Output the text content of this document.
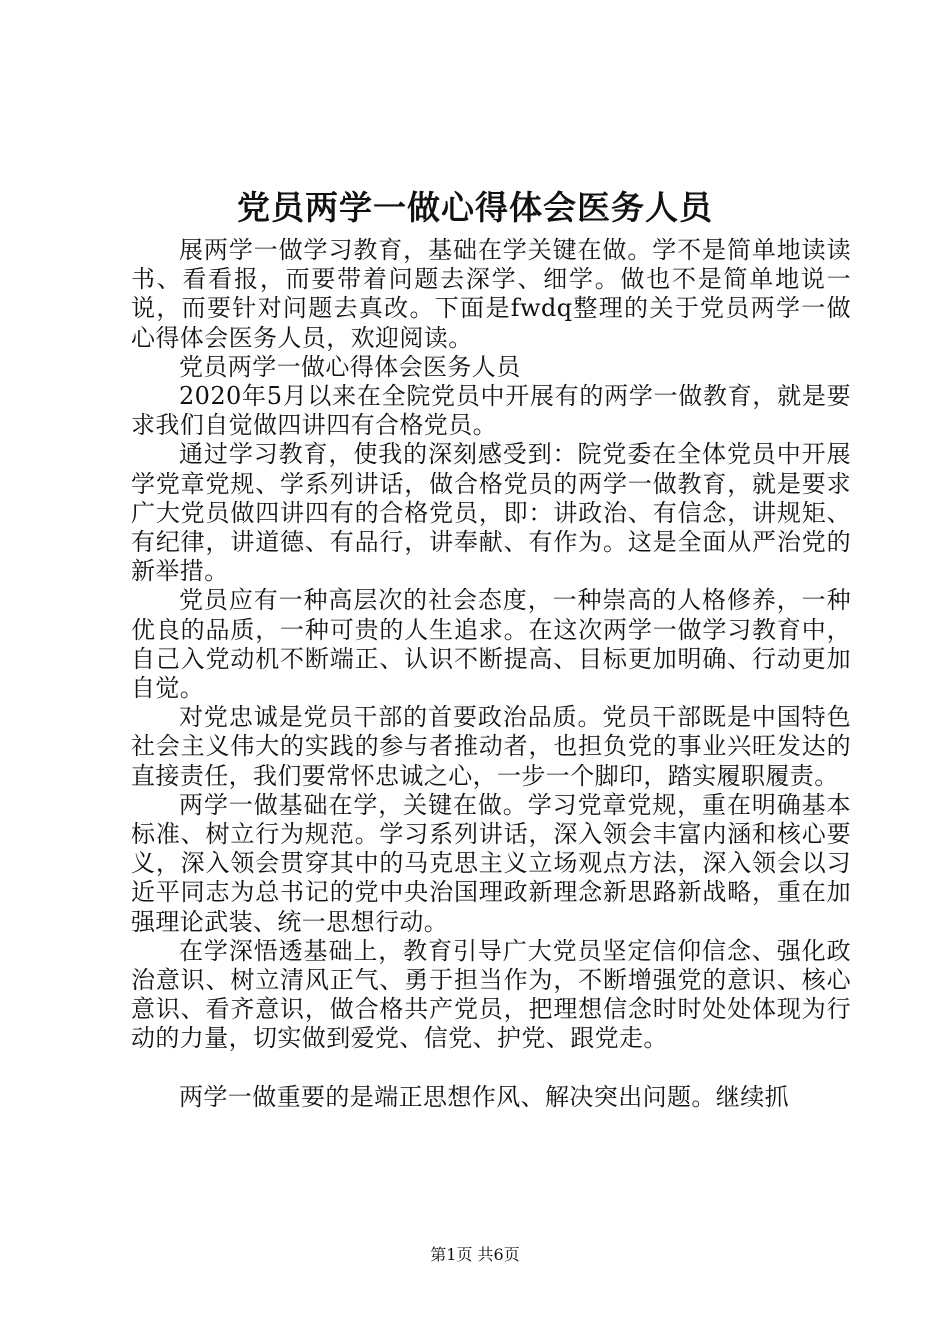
党员两学一做心得体会医务人员

展两学一做学习教育，基础在学关键在做。学不是简单地读读书、看看报，而要带着问题去深学、细学。做也不是简单地说一说，而要针对问题去真改。下面是fwdq整理的关于党员两学一做心得体会医务人员，欢迎阅读。

党员两学一做心得体会医务人员

2020年5月以来在全院党员中开展有的两学一做教育，就是要求我们自觉做四讲四有合格党员。

通过学习教育，使我的深刻感受到：院党委在全体党员中开展学党章党规、学系列讲话，做合格党员的两学一做教育，就是要求广大党员做四讲四有的合格党员，即：讲政治、有信念，讲规矩、有纪律，讲道德、有品行，讲奉献、有作为。这是全面从严治党的新举措。

党员应有一种高层次的社会态度，一种崇高的人格修养，一种优良的品质，一种可贵的人生追求。在这次两学一做学习教育中，自己入党动机不断端正、认识不断提高、目标更加明确、行动更加自觉。

对党忠诚是党员干部的首要政治品质。党员干部既是中国特色社会主义伟大的实践的参与者推动者，也担负党的事业兴旺发达的直接责任，我们要常怀忠诚之心，一步一个脚印，踏实履职履责。

两学一做基础在学，关键在做。学习党章党规，重在明确基本标准、树立行为规范。学习系列讲话，深入领会丰富内涵和核心要义，深入领会贯穿其中的马克思主义立场观点方法，深入领会以习近平同志为总书记的党中央治国理政新理念新思路新战略，重在加强理论武装、统一思想行动。

在学深悟透基础上，教育引导广大党员坚定信仰信念、强化政治意识、树立清风正气、勇于担当作为，不断增强党的意识、核心意识、看齐意识，做合格共产党员，把理想信念时时处处体现为行动的力量，切实做到爱党、信党、护党、跟党走。

两学一做重要的是端正思想作风、解决突出问题。继续抓

第1页 共6页
